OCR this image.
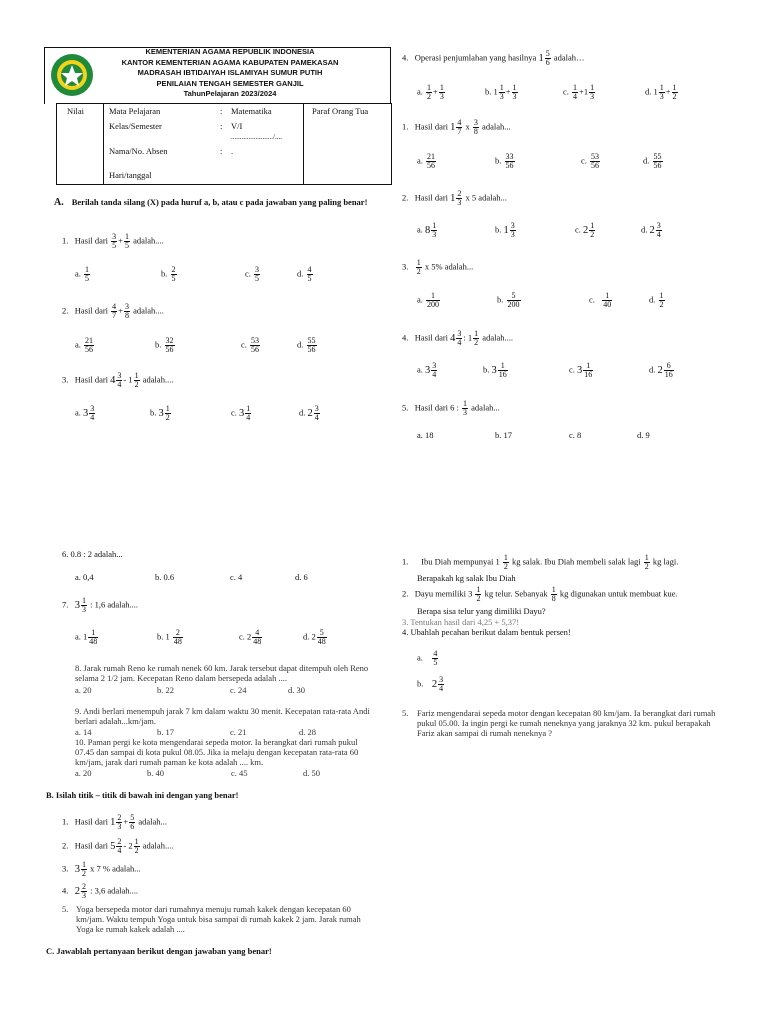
KEMENTERIAN AGAMA REPUBLIK INDONESIA
KANTOR KEMENTERIAN AGAMA KABUPATEN PAMEKASAN
MADRASAH IBTIDAIYAH ISLAMIYAH SUMUR PUTIH
PENILAIAN TENGAH SEMESTER GANJIL
TahunPelajaran 2023/2024
Nilai	Mata Pelajaran	: Matematika
Kelas/Semester	: V/I
......................../....
Nama/No. Absen	: .
Hari/tanggal
Paraf Orang Tua
A. Berilah tanda silang (X) pada huruf a, b, atau c pada jawaban yang paling benar!
1. Hasil dari $\frac{3}{5} + \frac{1}{5}$ adalah....
a. $\frac{1}{5}$	b. $\frac{2}{5}$	c. $\frac{3}{5}$	d. $\frac{4}{5}$
2. Hasil dari $\frac{4}{7} + \frac{3}{8}$ adalah....
a. $\frac{21}{56}$	b. $\frac{32}{56}$	c. $\frac{53}{56}$	d. $\frac{55}{56}$
3. Hasil dari $4 \frac{3}{4} - 1 \frac{1}{2}$ adalah....
a. $3 \frac{3}{4}$	b. $3 \frac{1}{2}$	c. $3 \frac{1}{4}$	d. $2 \frac{3}{4}$
6. 0.8 : 2 adalah...
a. 0,4	b. 0.6	c. 4	d. 6
7. $3 \frac{1}{3}$ : 1,6 adalah....
a. $1 \frac{1}{48}$	b. $1 \frac{2}{48}$	c. $2 \frac{4}{48}$	d. $2 \frac{5}{48}$
8. Jarak rumah Reno ke rumah nenek 60 km. Jarak tersebut dapat ditempuh oleh Reno selama 2 1/2 jam. Kecepatan Reno dalam bersepeda adalah ....
a. 20	b. 22	c. 24	d. 30
9. Andi berlari menempuh jarak 7 km dalam waktu 30 menit. Kecepatan rata-rata Andi berlari adalah...km/jam.
a. 14	b. 17	c. 21	d. 28
10. Paman pergi ke kota mengendarai sepeda motor. Ia berangkat dari rumah pukul 07.45 dan sampai di kota pukul 08.05. Jika ia melaju dengan kecepatan rata-rata 60 km/jam, jarak dari rumah paman ke kota adalah .... km.
a. 20	b. 40	c. 45	d. 50
B. Isilah titik – titik di bawah ini dengan yang benar!
1. Hasil dari $1 \frac{2}{3} + \frac{5}{6}$ adalah...
2. Hasil dari $5 \frac{2}{4} - 2 \frac{1}{2}$ adalah....
3. $3 \frac{1}{2}$ x 7 % adalah...
4. $2 \frac{2}{3}$ : 3,6 adalah....
5. Yoga bersepeda motor dari rumahnya menuju rumah kakek dengan kecepatan 60 km/jam. Waktu tempuh Yoga untuk bisa sampai di rumah kakek 2 jam. Jarak rumah Yoga ke rumah kakek adalah ....
C. Jawablah pertanyaan berikut dengan jawaban yang benar!
4. Operasi penjumlahan yang hasilnya $1 \frac{5}{6}$ adalah…
a. $\frac{1}{2} + \frac{1}{3}$	b. $1 \frac{1}{3} + \frac{1}{3}$	c. $\frac{1}{4} +1 \frac{1}{3}$	d. $1 \frac{1}{3} + \frac{1}{2}$
1. Hasil dari $1 \frac{4}{7}$ x $\frac{3}{8}$ adalah...
a. $\frac{21}{56}$	b. $\frac{33}{56}$	c. $\frac{53}{56}$	d. $\frac{55}{56}$
2. Hasil dari $1 \frac{2}{3}$ x 5 adalah...
a. $8 \frac{1}{3}$	b. $1 \frac{3}{3}$	c. $2 \frac{1}{2}$	d. $2 \frac{3}{4}$
3. $\frac{1}{2}$ x 5% adalah...
a. $\frac{1}{200}$	b. $\frac{5}{200}$	c. $\frac{1}{40}$	d. $\frac{1}{2}$
4. Hasil dari $4 \frac{3}{4}$ : $1 \frac{1}{2}$ adalah....
a. $3 \frac{3}{4}$	b. $3 \frac{1}{16}$	c. $3 \frac{1}{16}$	d. $2 \frac{6}{16}$
5. Hasil dari 6 : $\frac{1}{3}$ adalah...
a. 18	b. 17	c. 8	d. 9
1. Ibu Diah mempunyai $1 \frac{1}{2}$ kg salak. Ibu Diah membeli salak lagi $\frac{1}{2}$ kg lagi.
Berapakah kg salak Ibu Diah
2. Dayu memiliki $3 \frac{1}{2}$ kg telur. Sebanyak $\frac{1}{8}$ kg digunakan untuk membuat kue.
Berapa sisa telur yang dimiliki Dayu?
3. Tentukan hasil dari 4,25 + 5,37!
4. Ubahlah pecahan berikut dalam bentuk persen!
a. $\frac{4}{5}$
b. $2 \frac{3}{4}$
5. Fariz mengendarai sepeda motor dengan kecepatan 80 km/jam. Ia berangkat dari rumah pukul 05.00. Ia ingin pergi ke rumah neneknya yang jaraknya 32 km. pukul berapakah Fariz akan sampai di rumah neneknya ?
